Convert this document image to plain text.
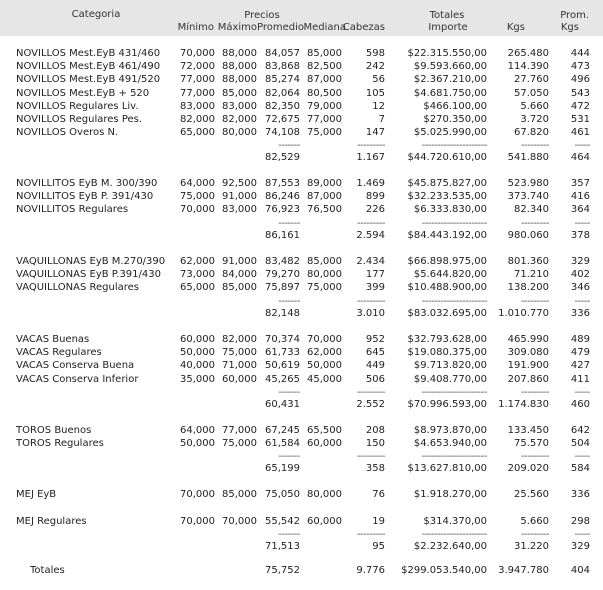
Categoria	Precios	Totales	Prom.
Mínimo Máximo Promedio Mediana
Cabezas	Importe	Kgs	Kgs
NOVILLOS Mest.EyB 431/460 70,000 88,000 84,057 85,000 598 $22.315.550,00 265.480 444
NOVILLOS Mest.EyB 461/490 72,000 88,000 83,868 82,500 242	$9.593.660,00 114.390 473
NOVILLOS Mest.EyB 491/520 77,000 88,000 85,274 87,000	56	$2.367.210,00	27.760 496
NOVILLOS Mest.EyB + 520	77,000 85,000 82,064 80,500 105	$4.681.750,00	57.050 543
NOVILLOS Regulares Liv.	83,000 83,000 82,350 79,000	12	$466.100,00	5.660 472
NOVILLOS Regulares Pes.	82,000 82,000 72,675 77,000	7	$270.350,00	3.720 531
NOVILLOS Overos N.	65,000 80,000 74,108 75,000 147	$5.025.990,00	67.820 461
-------	---------	---------------------	---------	-----
82,529	1.167 $44.720.610,00 541.880 464
NOVILLITOS EyB M. 300/390 64,000 92,500 87,553 89,000 1.469 $45.875.827,00 523.980 357
NOVILLITOS EyB P. 391/430	75,000 91,000 86,246 87,000 899 $32.233.535,00 373.740 416
NOVILLITOS Regulares	70,000 83,000 76,923 76,500 226	$6.333.830,00	82.340 364
-------	---------	---------------------	---------	-----
86,161	2.594 $84.443.192,00 980.060 378
VAQUILLONAS EyB M.270/390 62,000 91,000 83,482 85,000 2.434 $66.898.975,00 801.360 329
VAQUILLONAS EyB P.391/430 73,000 84,000 79,270 80,000 177	$5.644.820,00	71.210 402
VAQUILLONAS Regulares	65,000 85,000 75,897 75,000 399 $10.488.900,00 138.200 346
-------	---------	---------------------	---------	-----
82,148	3.010 $83.032.695,00 1.010.770 336
VACAS Buenas	60,000 82,000 70,374 70,000 952 $32.793.628,00 465.990 489
VACAS Regulares	50,000 75,000 61,733 62,000 645 $19.080.375,00 309.080 479
VACAS Conserva Buena	40,000 71,000 50,619 50,000 449	$9.713.820,00 191.900 427
VACAS Conserva Inferior	35,000 60,000 45,265 45,000 506	$9.408.770,00 207.860 411
-------	---------	---------------------	---------	-----
60,431	2.552 $70.996.593,00 1.174.830 460
TOROS Buenos	64,000 77,000 67,245 65,500 208	$8.973.870,00 133.450 642
TOROS Regulares	50,000 75,000 61,584 60,000 150	$4.653.940,00	75.570 504
-------	---------	---------------------	---------	-----
65,199	358 $13.627.810,00 209.020 584
MEJ EyB	70,000 85,000 75,050 80,000	76	$1.918.270,00	25.560 336
MEJ Regulares	70,000 70,000 55,542 60,000	19	$314.370,00	5.660 298
-------	---------	---------------------	---------	-----
71,513	95	$2.232.640,00	31.220 329
Totales	75,752	9.776 $299.053.540,00 3.947.780 404
